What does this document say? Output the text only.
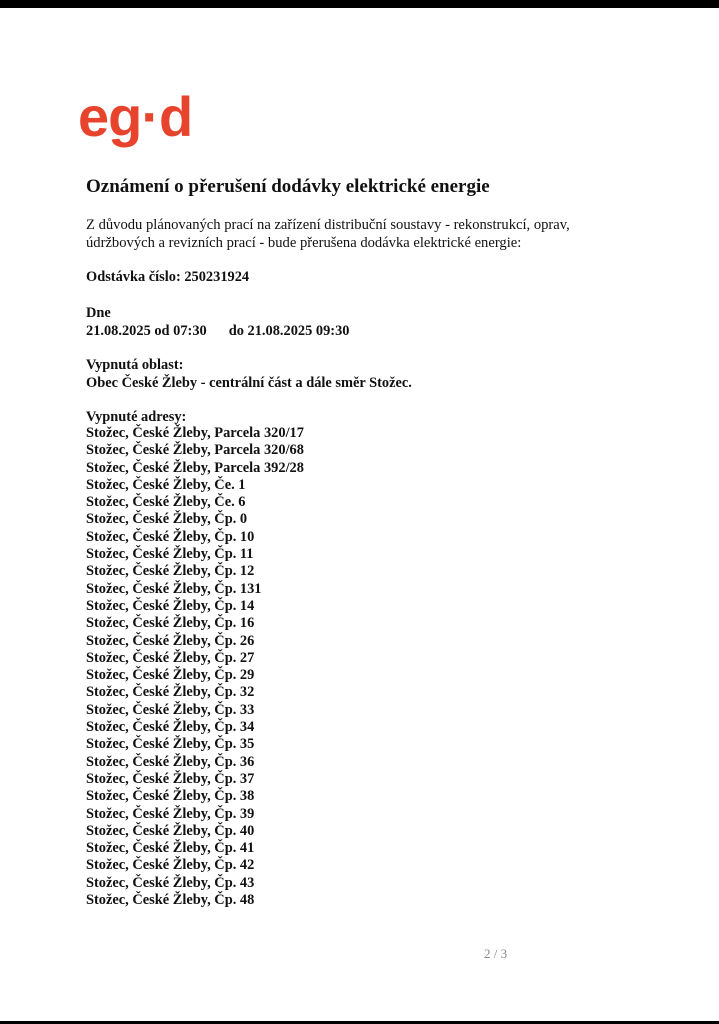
eg·d
Oznámení o přerušení dodávky elektrické energie

Z důvodu plánovaných prací na zařízení distribuční soustavy - rekonstrukcí, oprav,

údržbových a revizních prací - bude přerušena dodávka elektrické energie:

Odstávka číslo: 250231924
Dne
21.08.2025 od 07:30 do 21.08.2025 09:30
Vypnutá oblast:
Obec České Žleby - centrální část a dále směr Stožec.
Vypnuté adresy:
Stožec, České Žleby, Parcela 320/17
Stožec, České Žleby, Parcela 320/68
Stožec, České Žleby, Parcela 392/28
Stožec, České Žleby, Če. 1
Stožec, České Žleby, Če. 6
Stožec, České Žleby, Čp. 0
Stožec, České Žleby, Čp. 10
Stožec, České Žleby, Čp. 11
Stožec, České Žleby, Čp. 12
Stožec, České Žleby, Čp. 131
Stožec, České Žleby, Čp. 14
Stožec, České Žleby, Čp. 16
Stožec, České Žleby, Čp. 26
Stožec, České Žleby, Čp. 27
Stožec, České Žleby, Čp. 29
Stožec, České Žleby, Čp. 32
Stožec, České Žleby, Čp. 33
Stožec, České Žleby, Čp. 34
Stožec, České Žleby, Čp. 35
Stožec, České Žleby, Čp. 36
Stožec, České Žleby, Čp. 37
Stožec, České Žleby, Čp. 38
Stožec, České Žleby, Čp. 39
Stožec, České Žleby, Čp. 40
Stožec, České Žleby, Čp. 41
Stožec, České Žleby, Čp. 42
Stožec, České Žleby, Čp. 43
Stožec, České Žleby, Čp. 48
2 / 3
